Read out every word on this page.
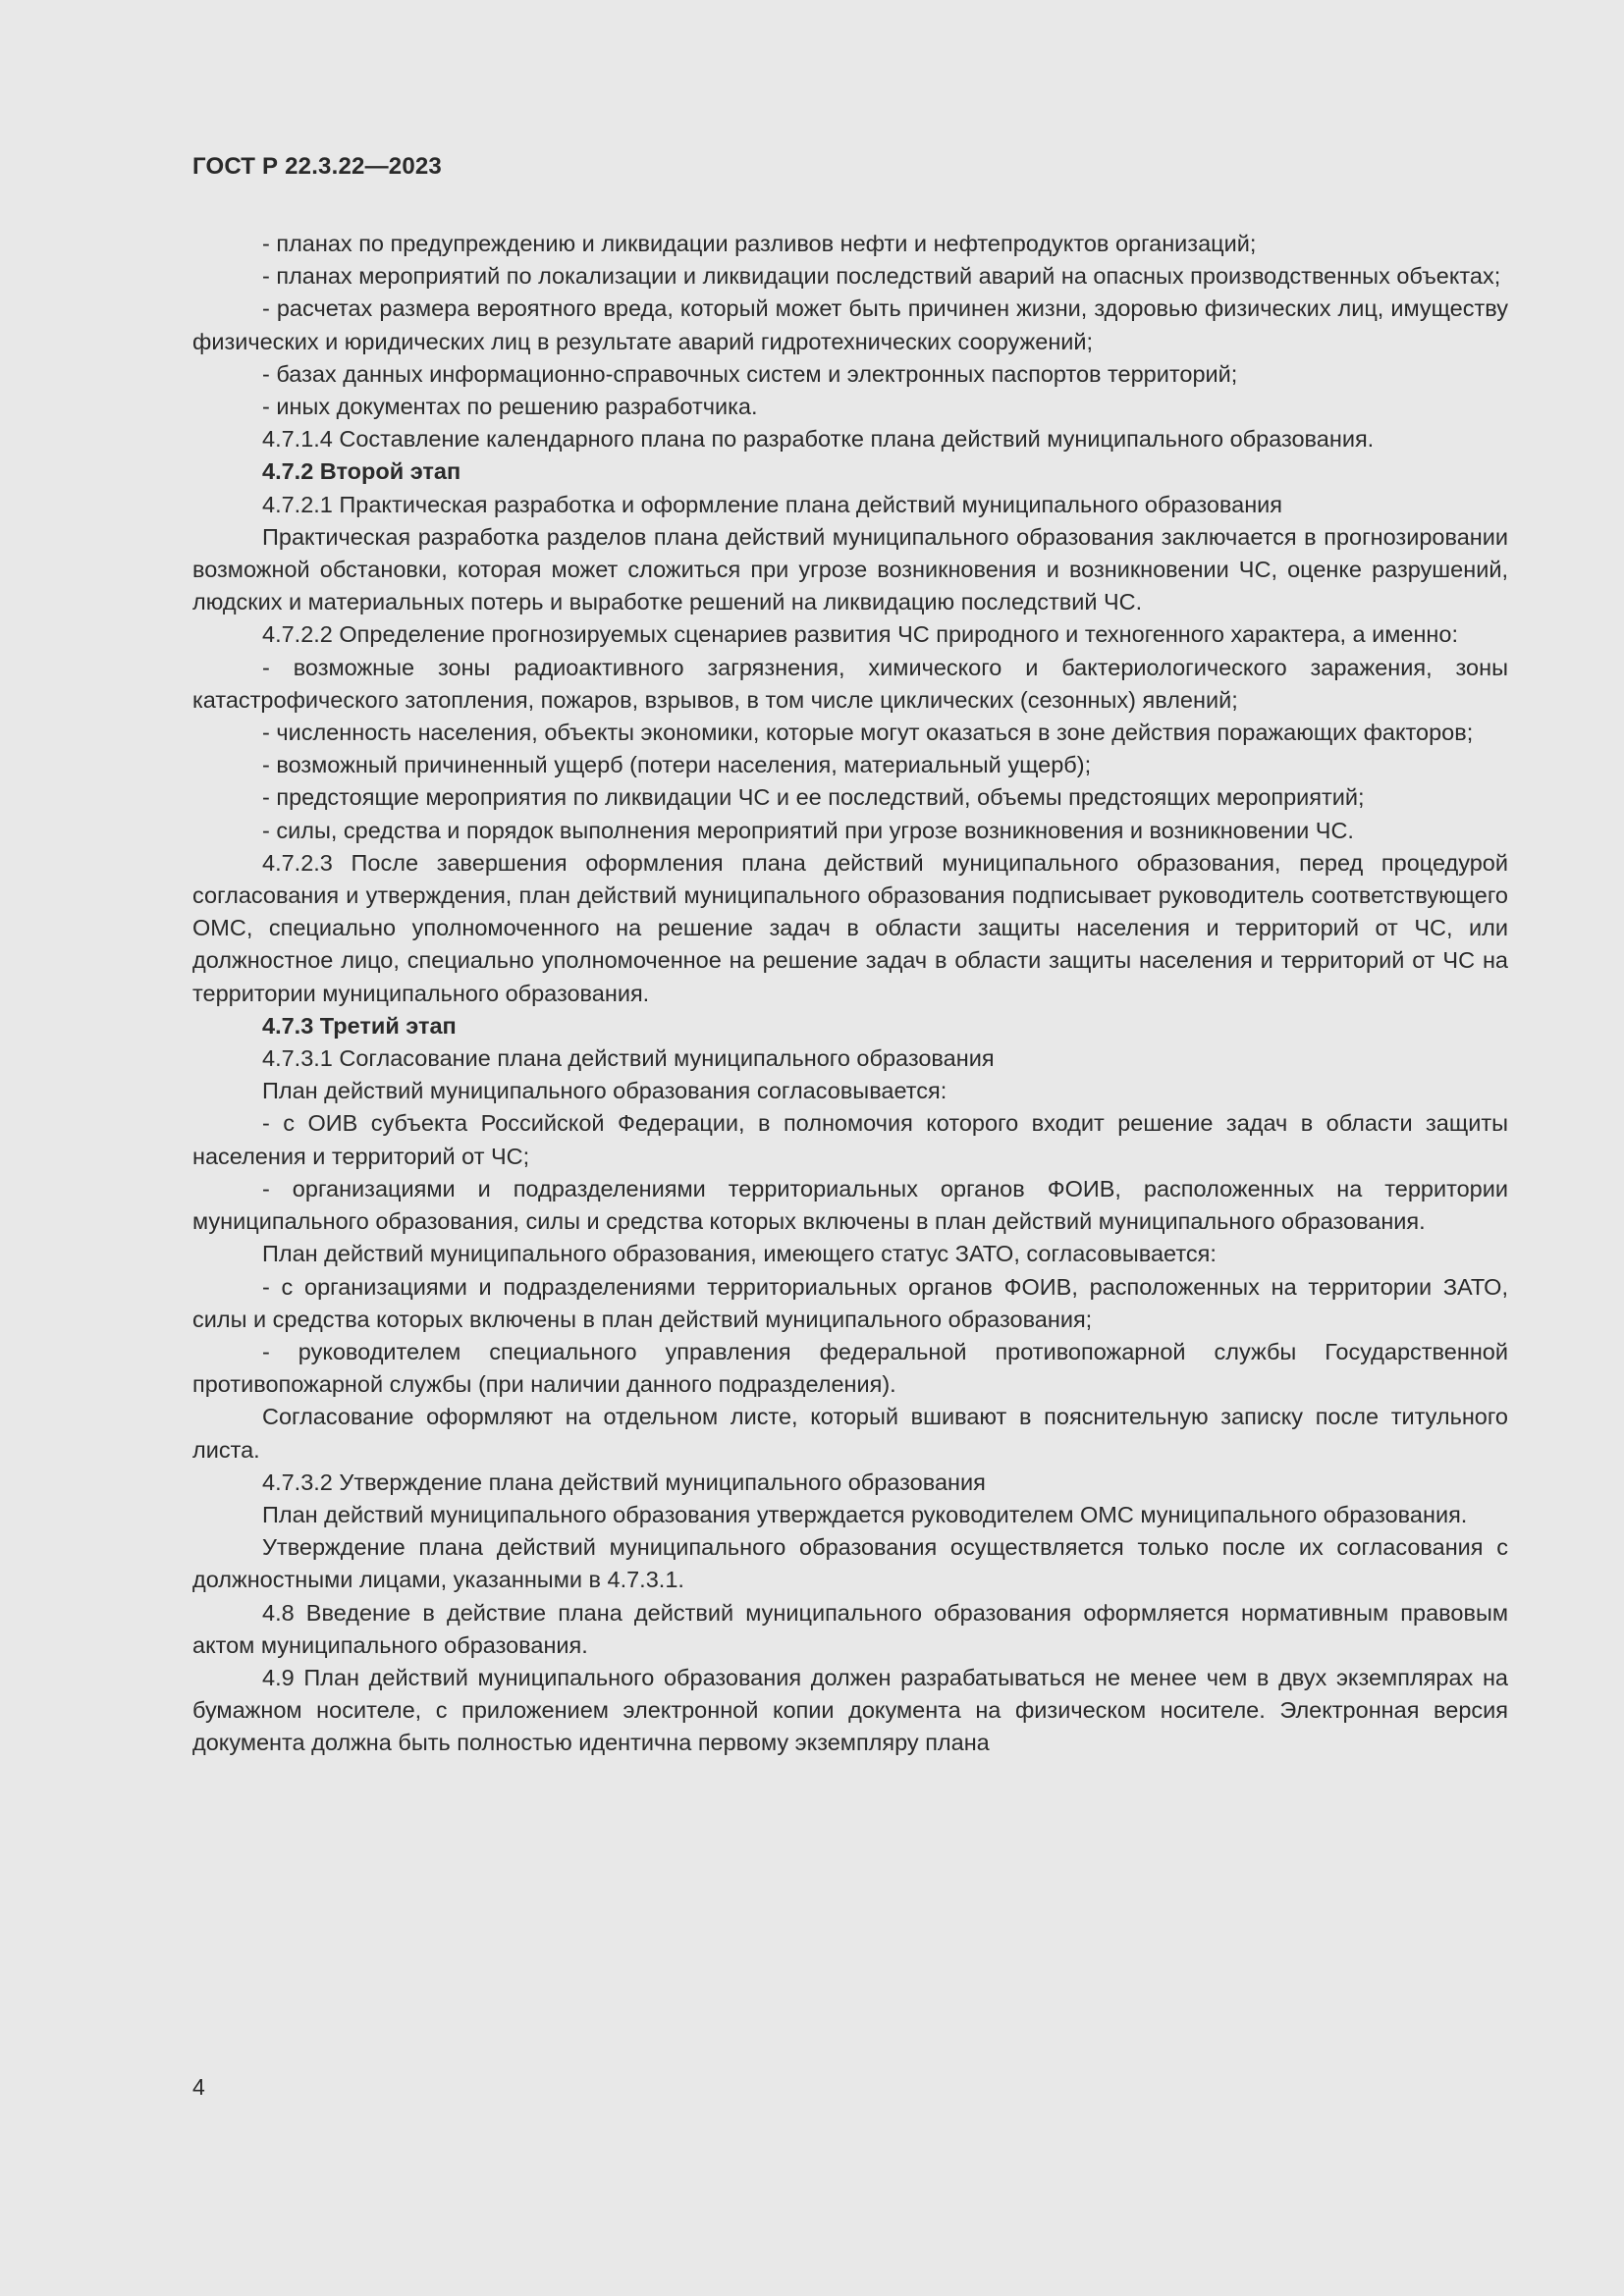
ГОСТ Р 22.3.22—2023

- планах по предупреждению и ликвидации разливов нефти и нефтепродуктов организаций;

- планах мероприятий по локализации и ликвидации последствий аварий на опасных производственных объектах;

- расчетах размера вероятного вреда, который может быть причинен жизни, здоровью физических лиц, имуществу физических и юридических лиц в результате аварий гидротехнических сооружений;

- базах данных информационно-справочных систем и электронных паспортов территорий;

- иных документах по решению разработчика.

4.7.1.4 Составление календарного плана по разработке плана действий муниципального образования.

4.7.2 Второй этап

4.7.2.1 Практическая разработка и оформление плана действий муниципального образования

Практическая разработка разделов плана действий муниципального образования заключается в прогнозировании возможной обстановки, которая может сложиться при угрозе возникновения и возникновении ЧС, оценке разрушений, людских и материальных потерь и выработке решений на ликвидацию последствий ЧС.

4.7.2.2 Определение прогнозируемых сценариев развития ЧС природного и техногенного характера, а именно:

- возможные зоны радиоактивного загрязнения, химического и бактериологического заражения, зоны катастрофического затопления, пожаров, взрывов, в том числе циклических (сезонных) явлений;

- численность населения, объекты экономики, которые могут оказаться в зоне действия поражающих факторов;

- возможный причиненный ущерб (потери населения, материальный ущерб);

- предстоящие мероприятия по ликвидации ЧС и ее последствий, объемы предстоящих мероприятий;

- силы, средства и порядок выполнения мероприятий при угрозе возникновения и возникновении ЧС.

4.7.2.3 После завершения оформления плана действий муниципального образования, перед процедурой согласования и утверждения, план действий муниципального образования подписывает руководитель соответствующего ОМС, специально уполномоченного на решение задач в области защиты населения и территорий от ЧС, или должностное лицо, специально уполномоченное на решение задач в области защиты населения и территорий от ЧС на территории муниципального образования.

4.7.3 Третий этап

4.7.3.1 Согласование плана действий муниципального образования

План действий муниципального образования согласовывается:

- с ОИВ субъекта Российской Федерации, в полномочия которого входит решение задач в области защиты населения и территорий от ЧС;

- организациями и подразделениями территориальных органов ФОИВ, расположенных на территории муниципального образования, силы и средства которых включены в план действий муниципального образования.

План действий муниципального образования, имеющего статус ЗАТО, согласовывается:

- с организациями и подразделениями территориальных органов ФОИВ, расположенных на территории ЗАТО, силы и средства которых включены в план действий муниципального образования;

- руководителем специального управления федеральной противопожарной службы Государственной противопожарной службы (при наличии данного подразделения).

Согласование оформляют на отдельном листе, который вшивают в пояснительную записку после титульного листа.

4.7.3.2 Утверждение плана действий муниципального образования

План действий муниципального образования утверждается руководителем ОМС муниципального образования.

Утверждение плана действий муниципального образования осуществляется только после их согласования с должностными лицами, указанными в 4.7.3.1.

4.8 Введение в действие плана действий муниципального образования оформляется нормативным правовым актом муниципального образования.

4.9 План действий муниципального образования должен разрабатываться не менее чем в двух экземплярах на бумажном носителе, с приложением электронной копии документа на физическом носителе. Электронная версия документа должна быть полностью идентична первому экземпляру плана

4
